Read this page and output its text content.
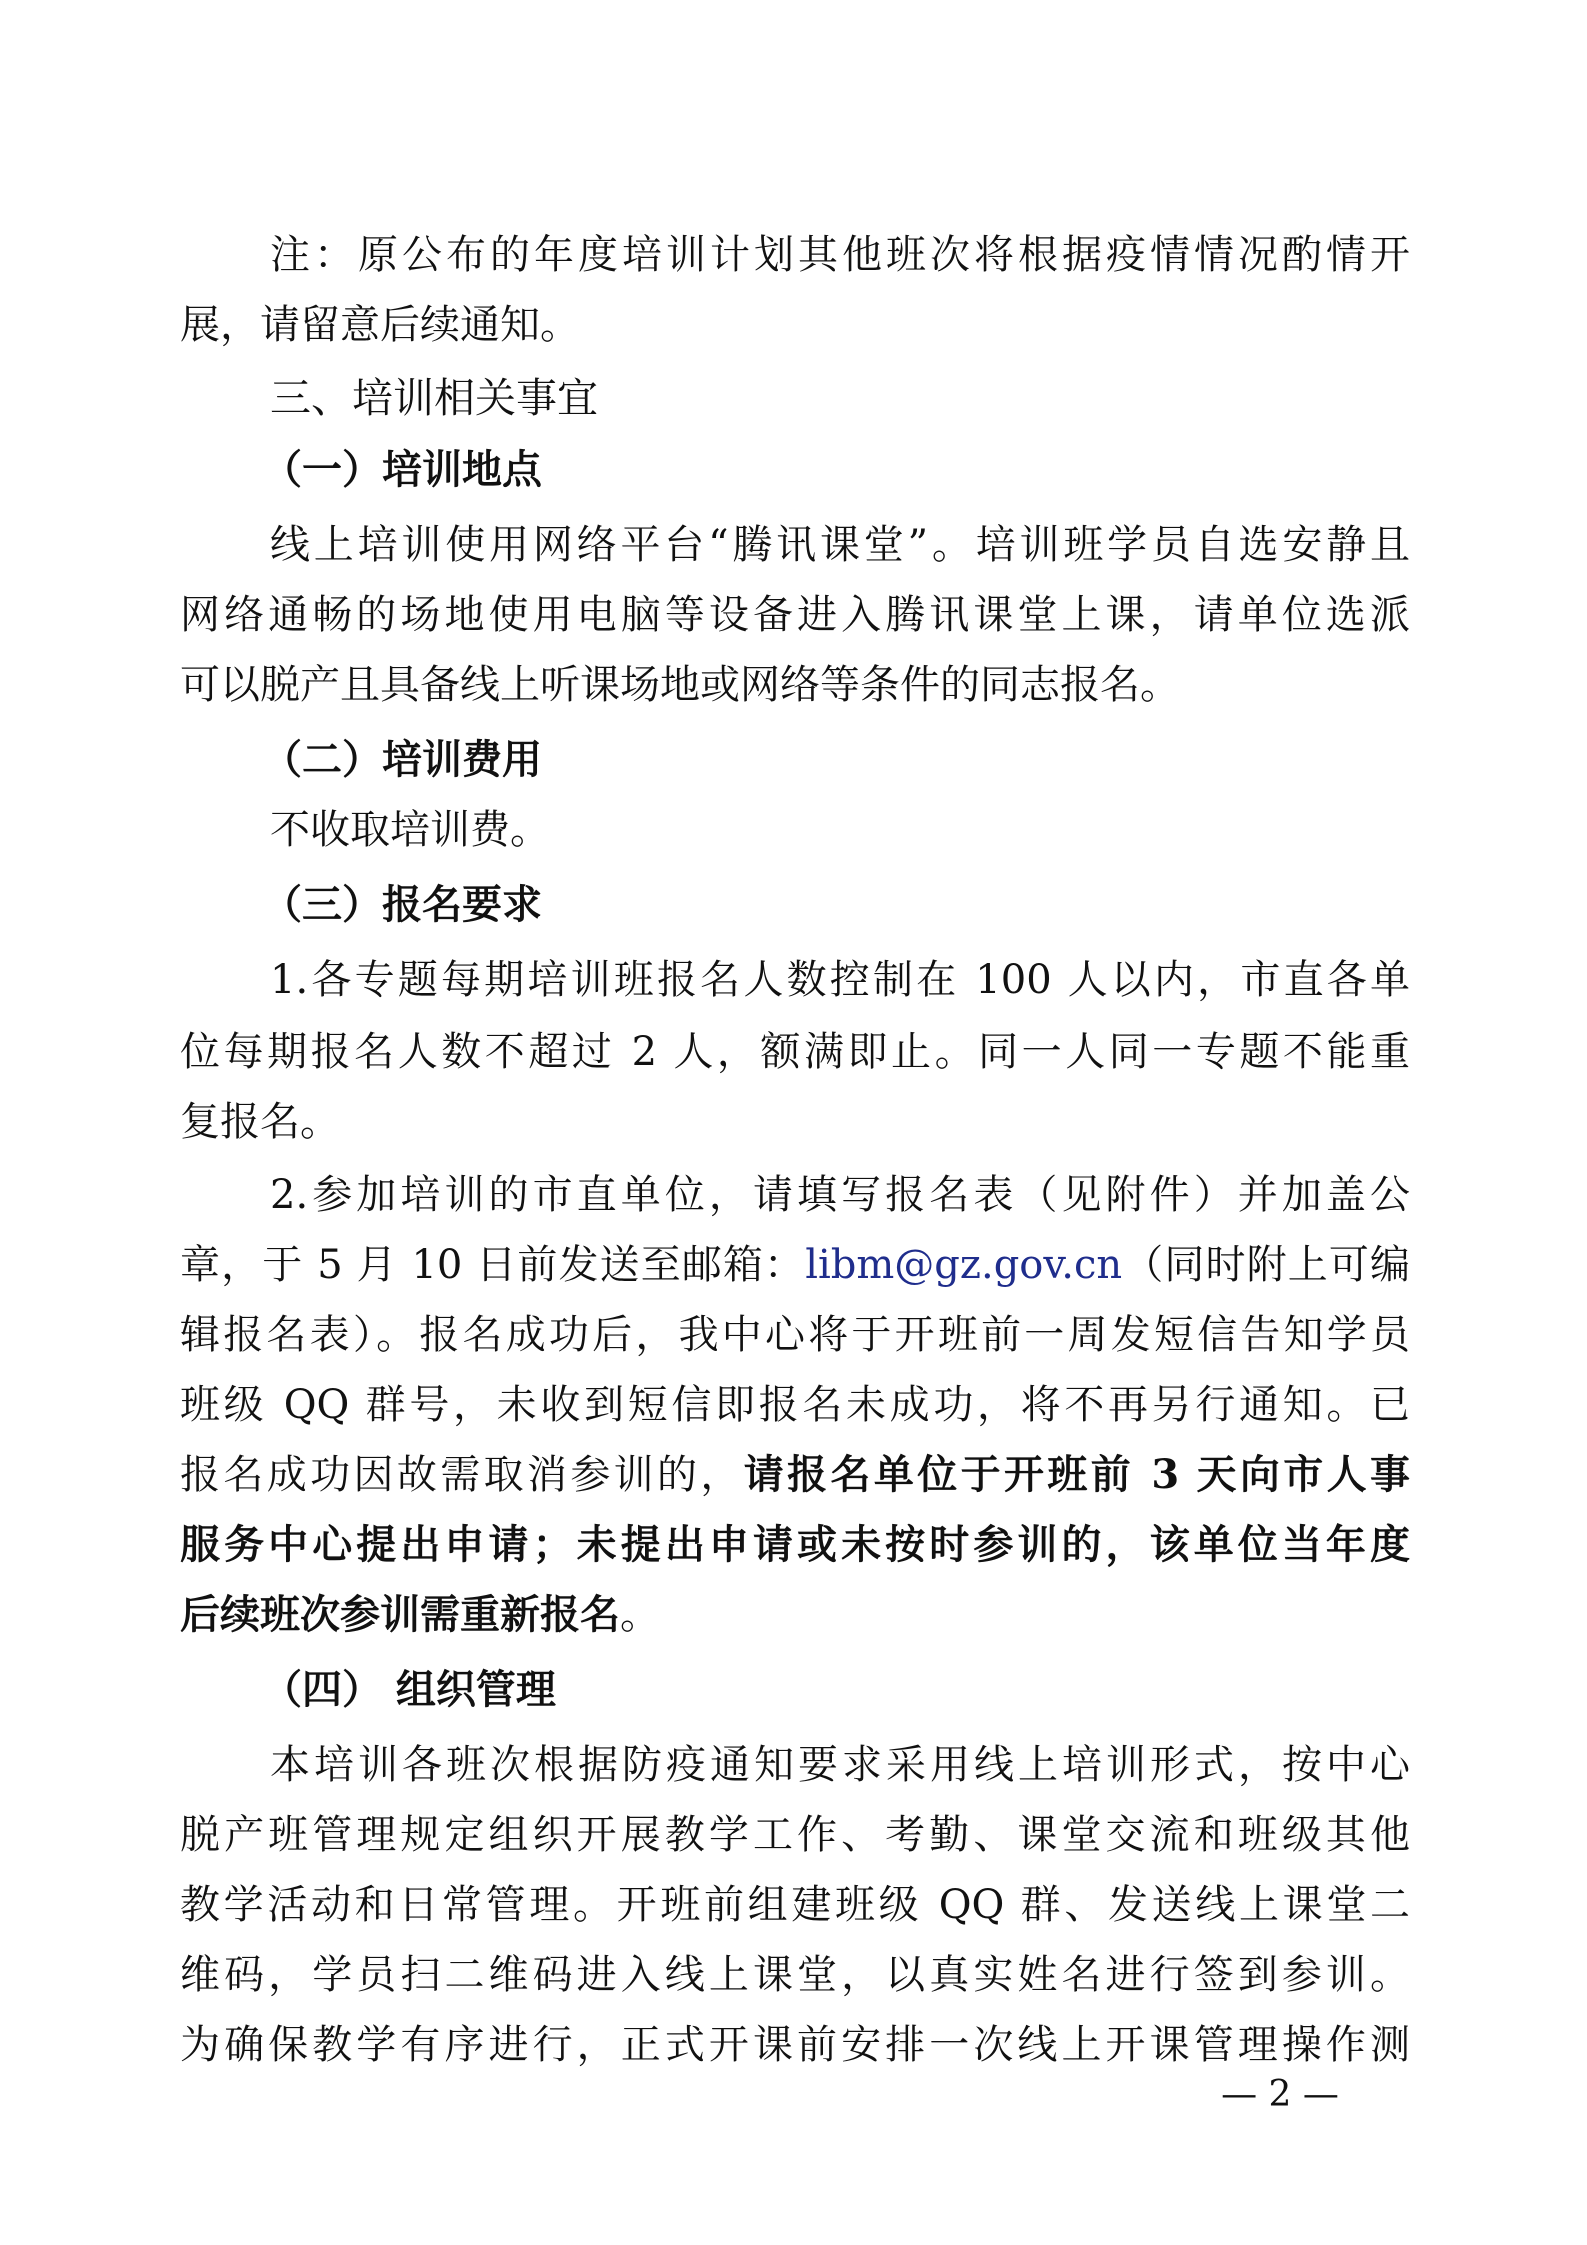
注：原公布的年度培训计划其他班次将根据疫情情况酌情开
展，请留意后续通知。
三、培训相关事宜
（一）培训地点
线上培训使用网络平台“腾讯课堂”。培训班学员自选安静且
网络通畅的场地使用电脑等设备进入腾讯课堂上课，请单位选派
可以脱产且具备线上听课场地或网络等条件的同志报名。
（二）培训费用
不收取培训费。
（三）报名要求
1.各专题每期培训班报名人数控制在 100 人以内，市直各单
位每期报名人数不超过 2 人，额满即止。同一人同一专题不能重
复报名。
2.参加培训的市直单位，请填写报名表（见附件）并加盖公
章，于 5 月 10 日前发送至邮箱：libm@gz.gov.cn（同时附上可编
辑报名表）。报名成功后，我中心将于开班前一周发短信告知学员
班级 QQ 群号，未收到短信即报名未成功，将不再另行通知。已
报名成功因故需取消参训的，请报名单位于开班前 3 天向市人事
服务中心提出申请；未提出申请或未按时参训的，该单位当年度
后续班次参训需重新报名。
（四） 组织管理
本培训各班次根据防疫通知要求采用线上培训形式，按中心
脱产班管理规定组织开展教学工作、考勤、课堂交流和班级其他
教学活动和日常管理。开班前组建班级 QQ 群、发送线上课堂二
维码，学员扫二维码进入线上课堂，以真实姓名进行签到参训。
为确保教学有序进行，正式开课前安排一次线上开课管理操作测
— 2 —
